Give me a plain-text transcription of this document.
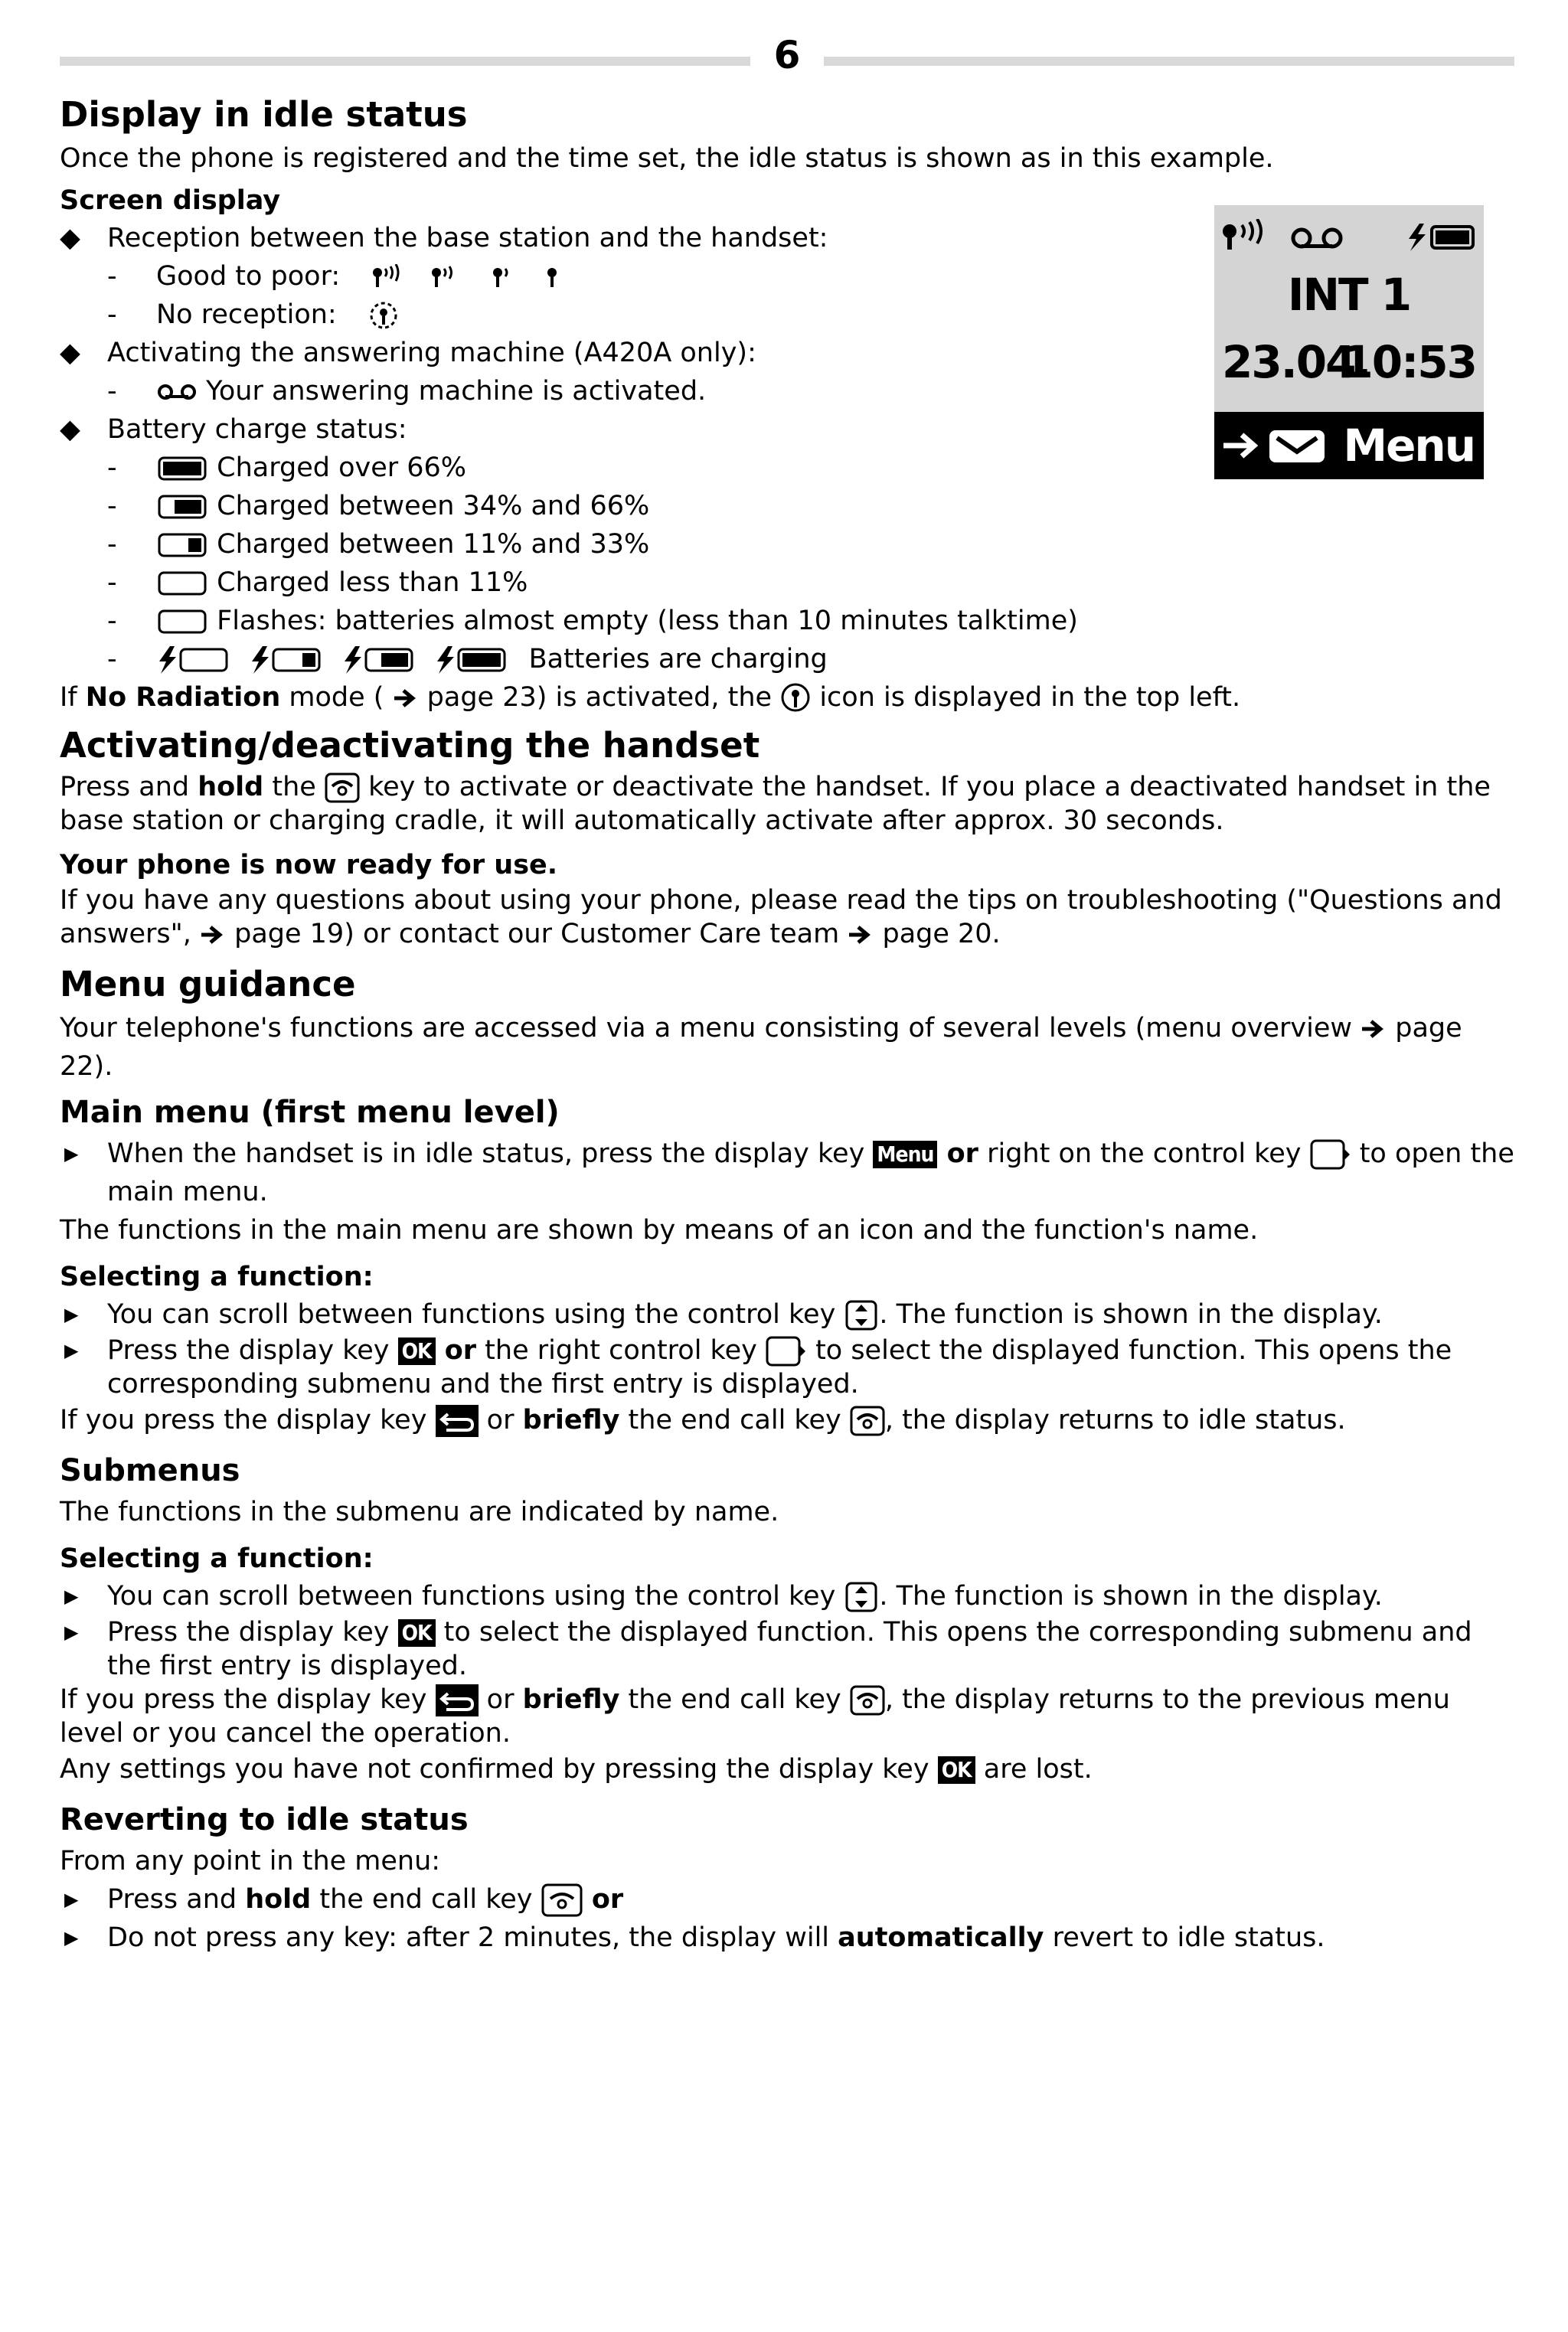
6
INT 1
23.04.
10:53
Menu
Display in idle status

Once the phone is registered and the time set, the idle status is shown as in this example.

Screen display
◆ Reception between the base station and the handset:
- Good to poor:

- No reception:
◆ Activating the answering machine (A420A only):
- Your answering machine is activated.
◆ Battery charge status:
- Charged over 66%
- Charged between 34% and 66%
- Charged between 11% and 33%
- Charged less than 11%
- Flashes: batteries almost empty (less than 10 minutes talktime)

- Batteries are charging

If No Radiation mode (
page 23) is activated, the
icon is displayed in the top left.

Activating/deactivating the handset

Press and hold the
key to activate or deactivate the handset. If you place a deactivated handset in the base station or charging cradle, it will automatically activate after approx. 30 seconds.

Your phone is now ready for use.

If you have any questions about using your phone, please read the tips on troubleshooting ("Questions and answers",
page 19) or contact our Customer Care team
page 20.

Menu guidance

Your telephone's functions are accessed via a menu consisting of several levels (menu overview
page 22).

Main menu (first menu level)
▶ When the handset is in idle status, press the display key Menu or right on the control key
to open the main menu.

The functions in the main menu are shown by means of an icon and the function's name.

Selecting a function:
▶ You can scroll between functions using the control key
. The function is shown in the display.
▶ Press the display key OK or the right control key
to select the displayed function. This opens the corresponding submenu and the first entry is displayed.

If you press the display key
or briefly the end call key
, the display returns to idle status.

Submenus

The functions in the submenu are indicated by name.

Selecting a function:
▶ You can scroll between functions using the control key
. The function is shown in the display.
▶ Press the display key OK to select the displayed function. This opens the corresponding submenu and the first entry is displayed.

If you press the display key
or briefly the end call key
, the display returns to the previous menu level or you cancel the operation.

Any settings you have not confirmed by pressing the display key OK are lost.

Reverting to idle status

From any point in the menu:

▶ Press and hold the end call key
or
▶ Do not press any key: after 2 minutes, the display will automatically revert to idle status.
